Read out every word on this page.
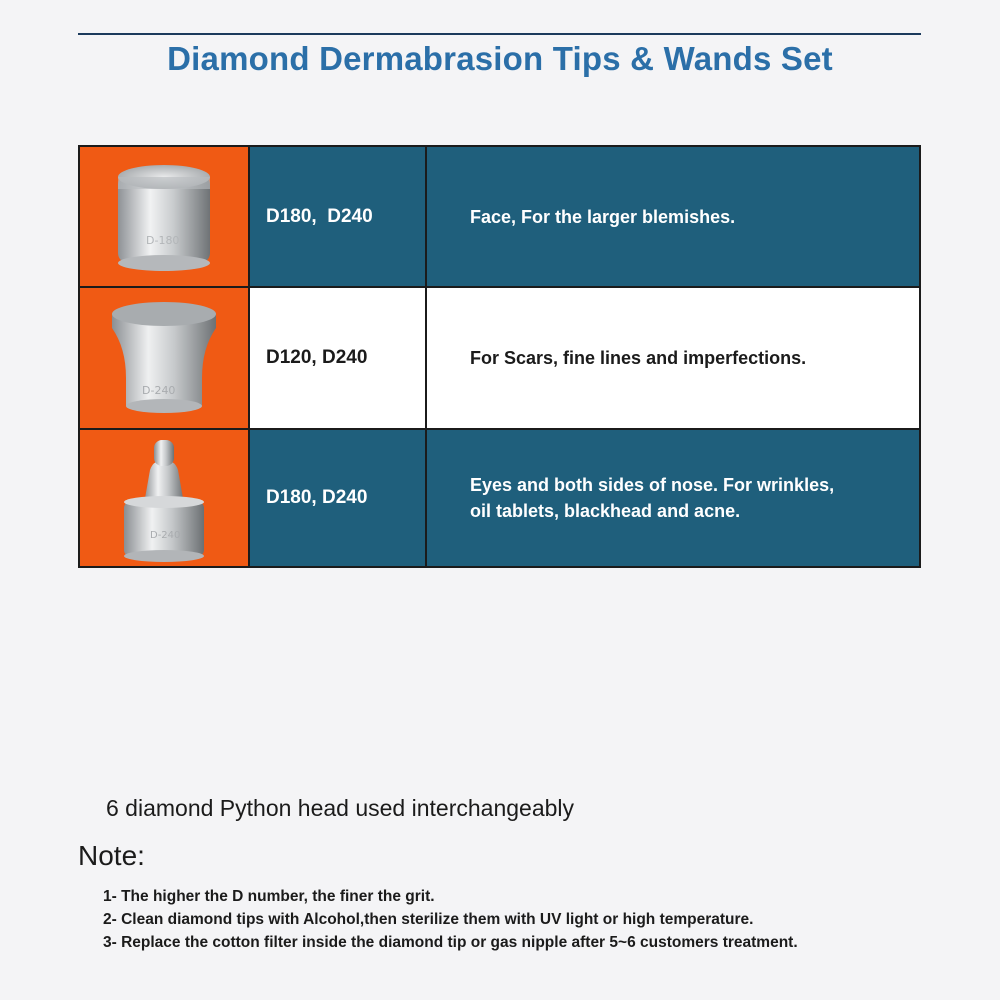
Diamond Dermabrasion Tips & Wands Set
D-180
D180,  D240	Face, For the larger blemishes.
D-240
D120, D240	For Scars, fine lines and imperfections.
D-240
D180, D240
Eyes and both sides of nose. For wrinkles,
oil tablets, blackhead and acne.
6 diamond Python head used interchangeably
Note:
1- The higher the D number, the finer the grit.
2- Clean diamond tips with Alcohol,then sterilize them with UV light or high temperature.
3- Replace the cotton filter inside the diamond tip or gas nipple after 5~6 customers treatment.
